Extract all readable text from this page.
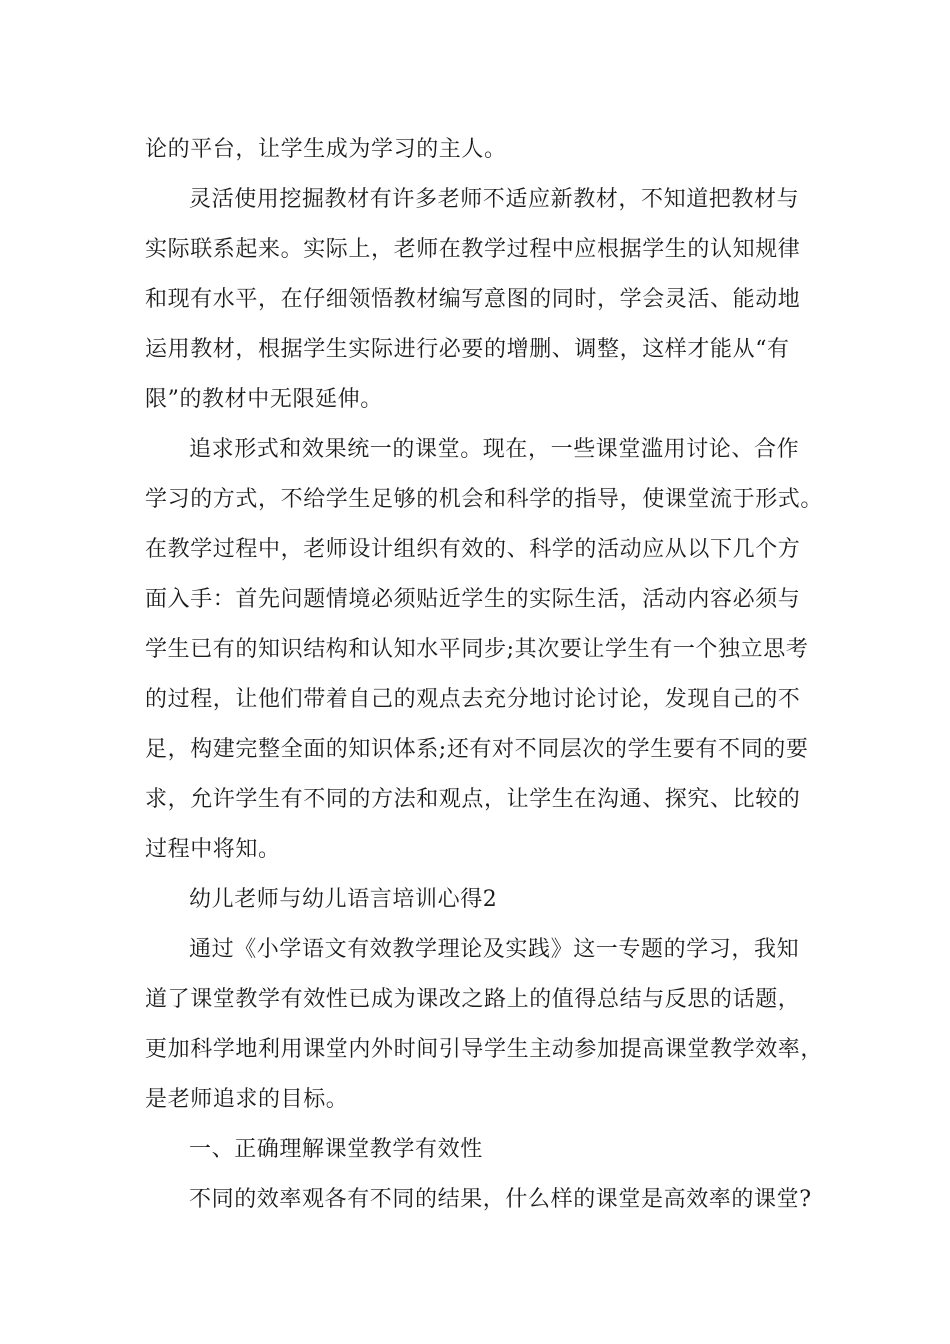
论的平台，让学生成为学习的主人。
灵活使用挖掘教材有许多老师不适应新教材，不知道把教材与
实际联系起来。实际上，老师在教学过程中应根据学生的认知规律
和现有水平，在仔细领悟教材编写意图的同时，学会灵活、能动地
运用教材，根据学生实际进行必要的增删、调整，这样才能从“有
限”的教材中无限延伸。
追求形式和效果统一的课堂。现在，一些课堂滥用讨论、合作
学习的方式，不给学生足够的机会和科学的指导，使课堂流于形式。
在教学过程中，老师设计组织有效的、科学的活动应从以下几个方
面入手：首先问题情境必须贴近学生的实际生活，活动内容必须与
学生已有的知识结构和认知水平同步;其次要让学生有一个独立思考
的过程，让他们带着自己的观点去充分地讨论讨论，发现自己的不
足，构建完整全面的知识体系;还有对不同层次的学生要有不同的要
求，允许学生有不同的方法和观点，让学生在沟通、探究、比较的
过程中将知。
幼儿老师与幼儿语言培训心得2
通过《小学语文有效教学理论及实践》这一专题的学习，我知
道了课堂教学有效性已成为课改之路上的值得总结与反思的话题，
更加科学地利用课堂内外时间引导学生主动参加提高课堂教学效率，
是老师追求的目标。
一、正确理解课堂教学有效性
不同的效率观各有不同的结果，什么样的课堂是高效率的课堂?
